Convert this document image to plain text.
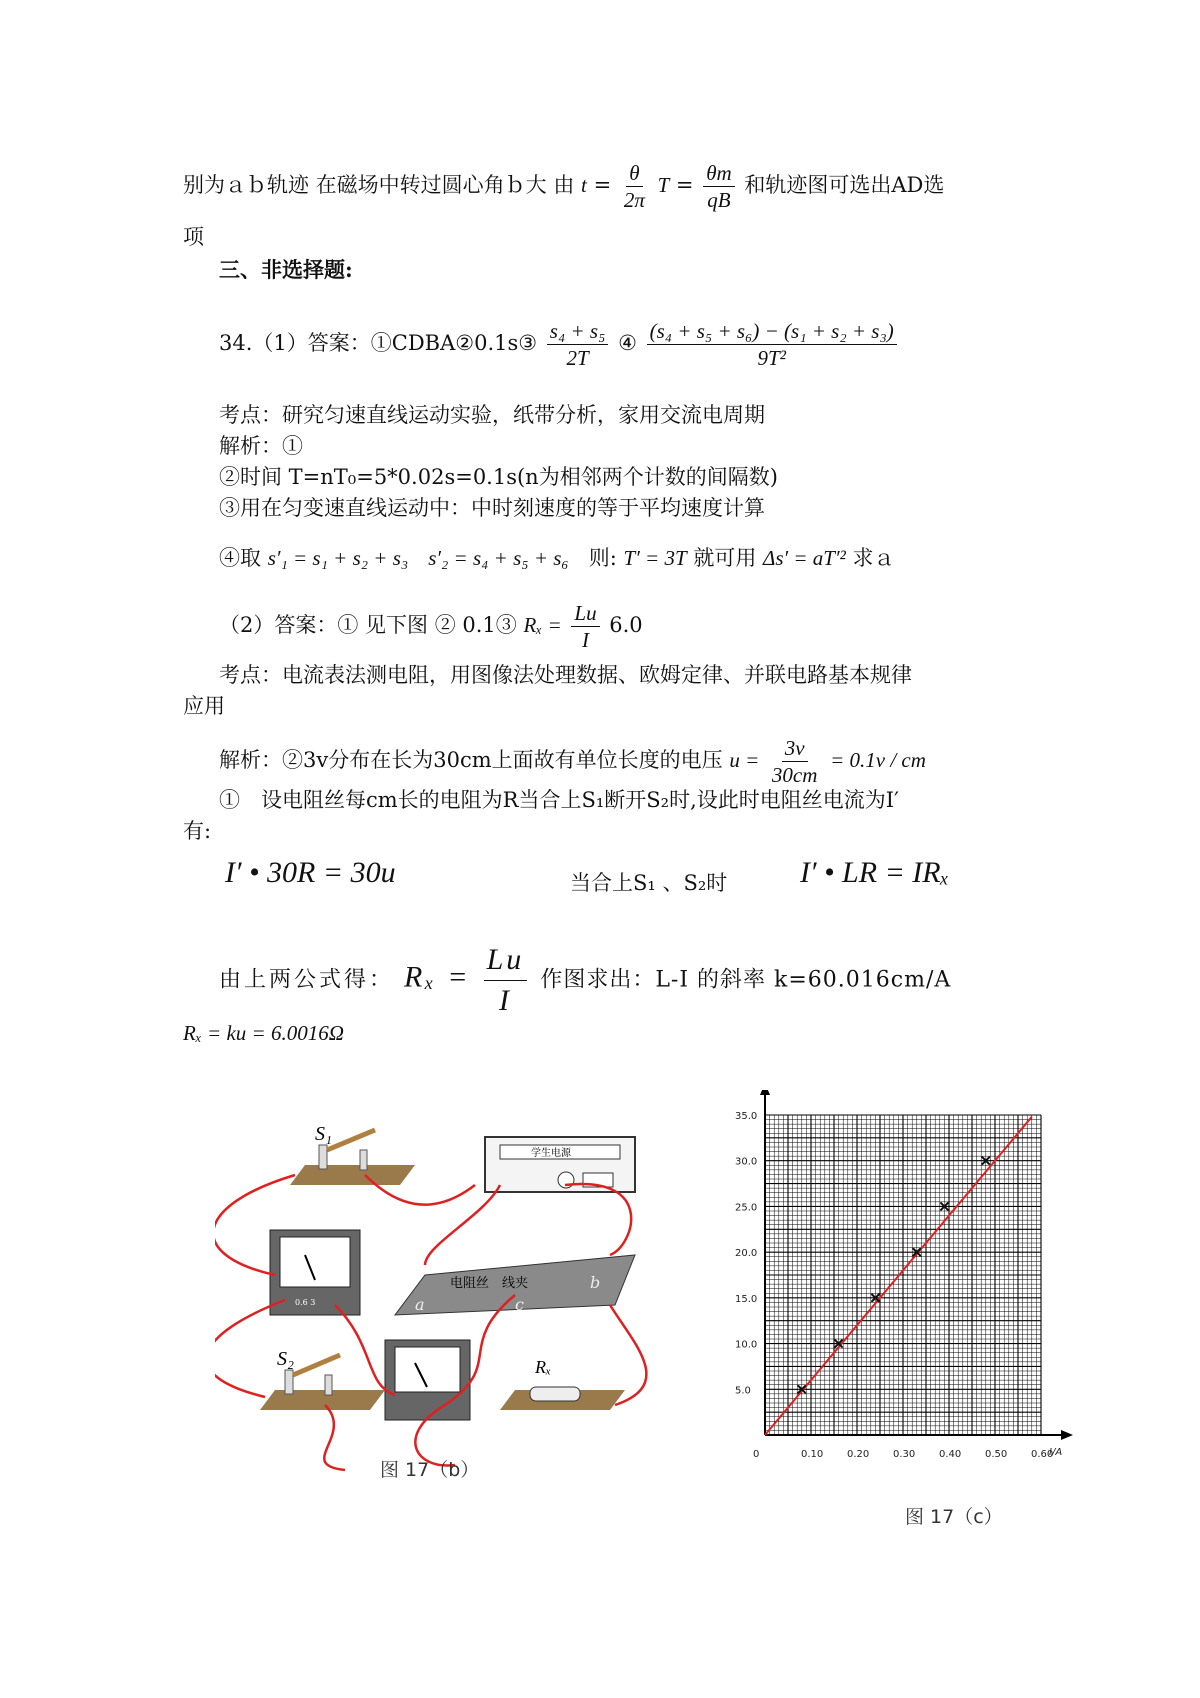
别为ａｂ轨迹 在磁场中转过圆心角ｂ大 由 $t = \frac{\theta}{2\pi}$ $T = \frac{\theta m}{qB}$ 和轨迹图可选出AD选
项
三、非选择题:
34.（1）答案：①CDBA②0.1s③ $\frac{\text{s₄ + s₅}}{2T}$ ④ $\frac{\text{(s₄ + s₅ + s₆) − (s₁ + s₂ + s₃)}}{\text{9T²}}$
考点：研究匀速直线运动实验，纸带分析，家用交流电周期
解析：①
②时间 T=nT₀=5*0.02s=0.1s(n为相邻两个计数的间隔数)
③用在匀变速直线运动中：中时刻速度的等于平均速度计算
④取 s′₁ = s₁ + s₂ + s₃ s′₂ = s₄ + s₅ + s₆ 则: T′ = 3T 就可用 Δs′ = aT′² 求ａ
（2）答案：① 见下图 ② 0.1③ $R_x = \frac{Lu}{I} 6.0$
考点：电流表法测电阻，用图像法处理数据、欧姆定律、并联电路基本规律
应用
解析：②3v分布在长为30cm上面故有单位长度的电压 $u = \frac{3v}{30cm} = 0.1v$ / cm
①　设电阻丝每cm长的电阻为R当合上S₁断开S₂时,设此时电阻丝电流为I′
有:
I′ • 30R = 30u	当合上S₁ 、S₂时	I′ • LR = IRₓ
由上两公式得： $R_x = \frac{Lu}{I}$ 作图求出：L-I 的斜率 k=60.016cm/A
Rₓ = ku = 6.0016Ω
S₁
学生电源
0.6 3
电阻丝　线夹
a	c
b
S₂	Rₓ
图 17（b）
0	0.10 0.20 0.30 0.40 0.50 0.60
5.0
10.0
15.0
20.0
25.0
30.0
35.0
I/A
图 17（c）
